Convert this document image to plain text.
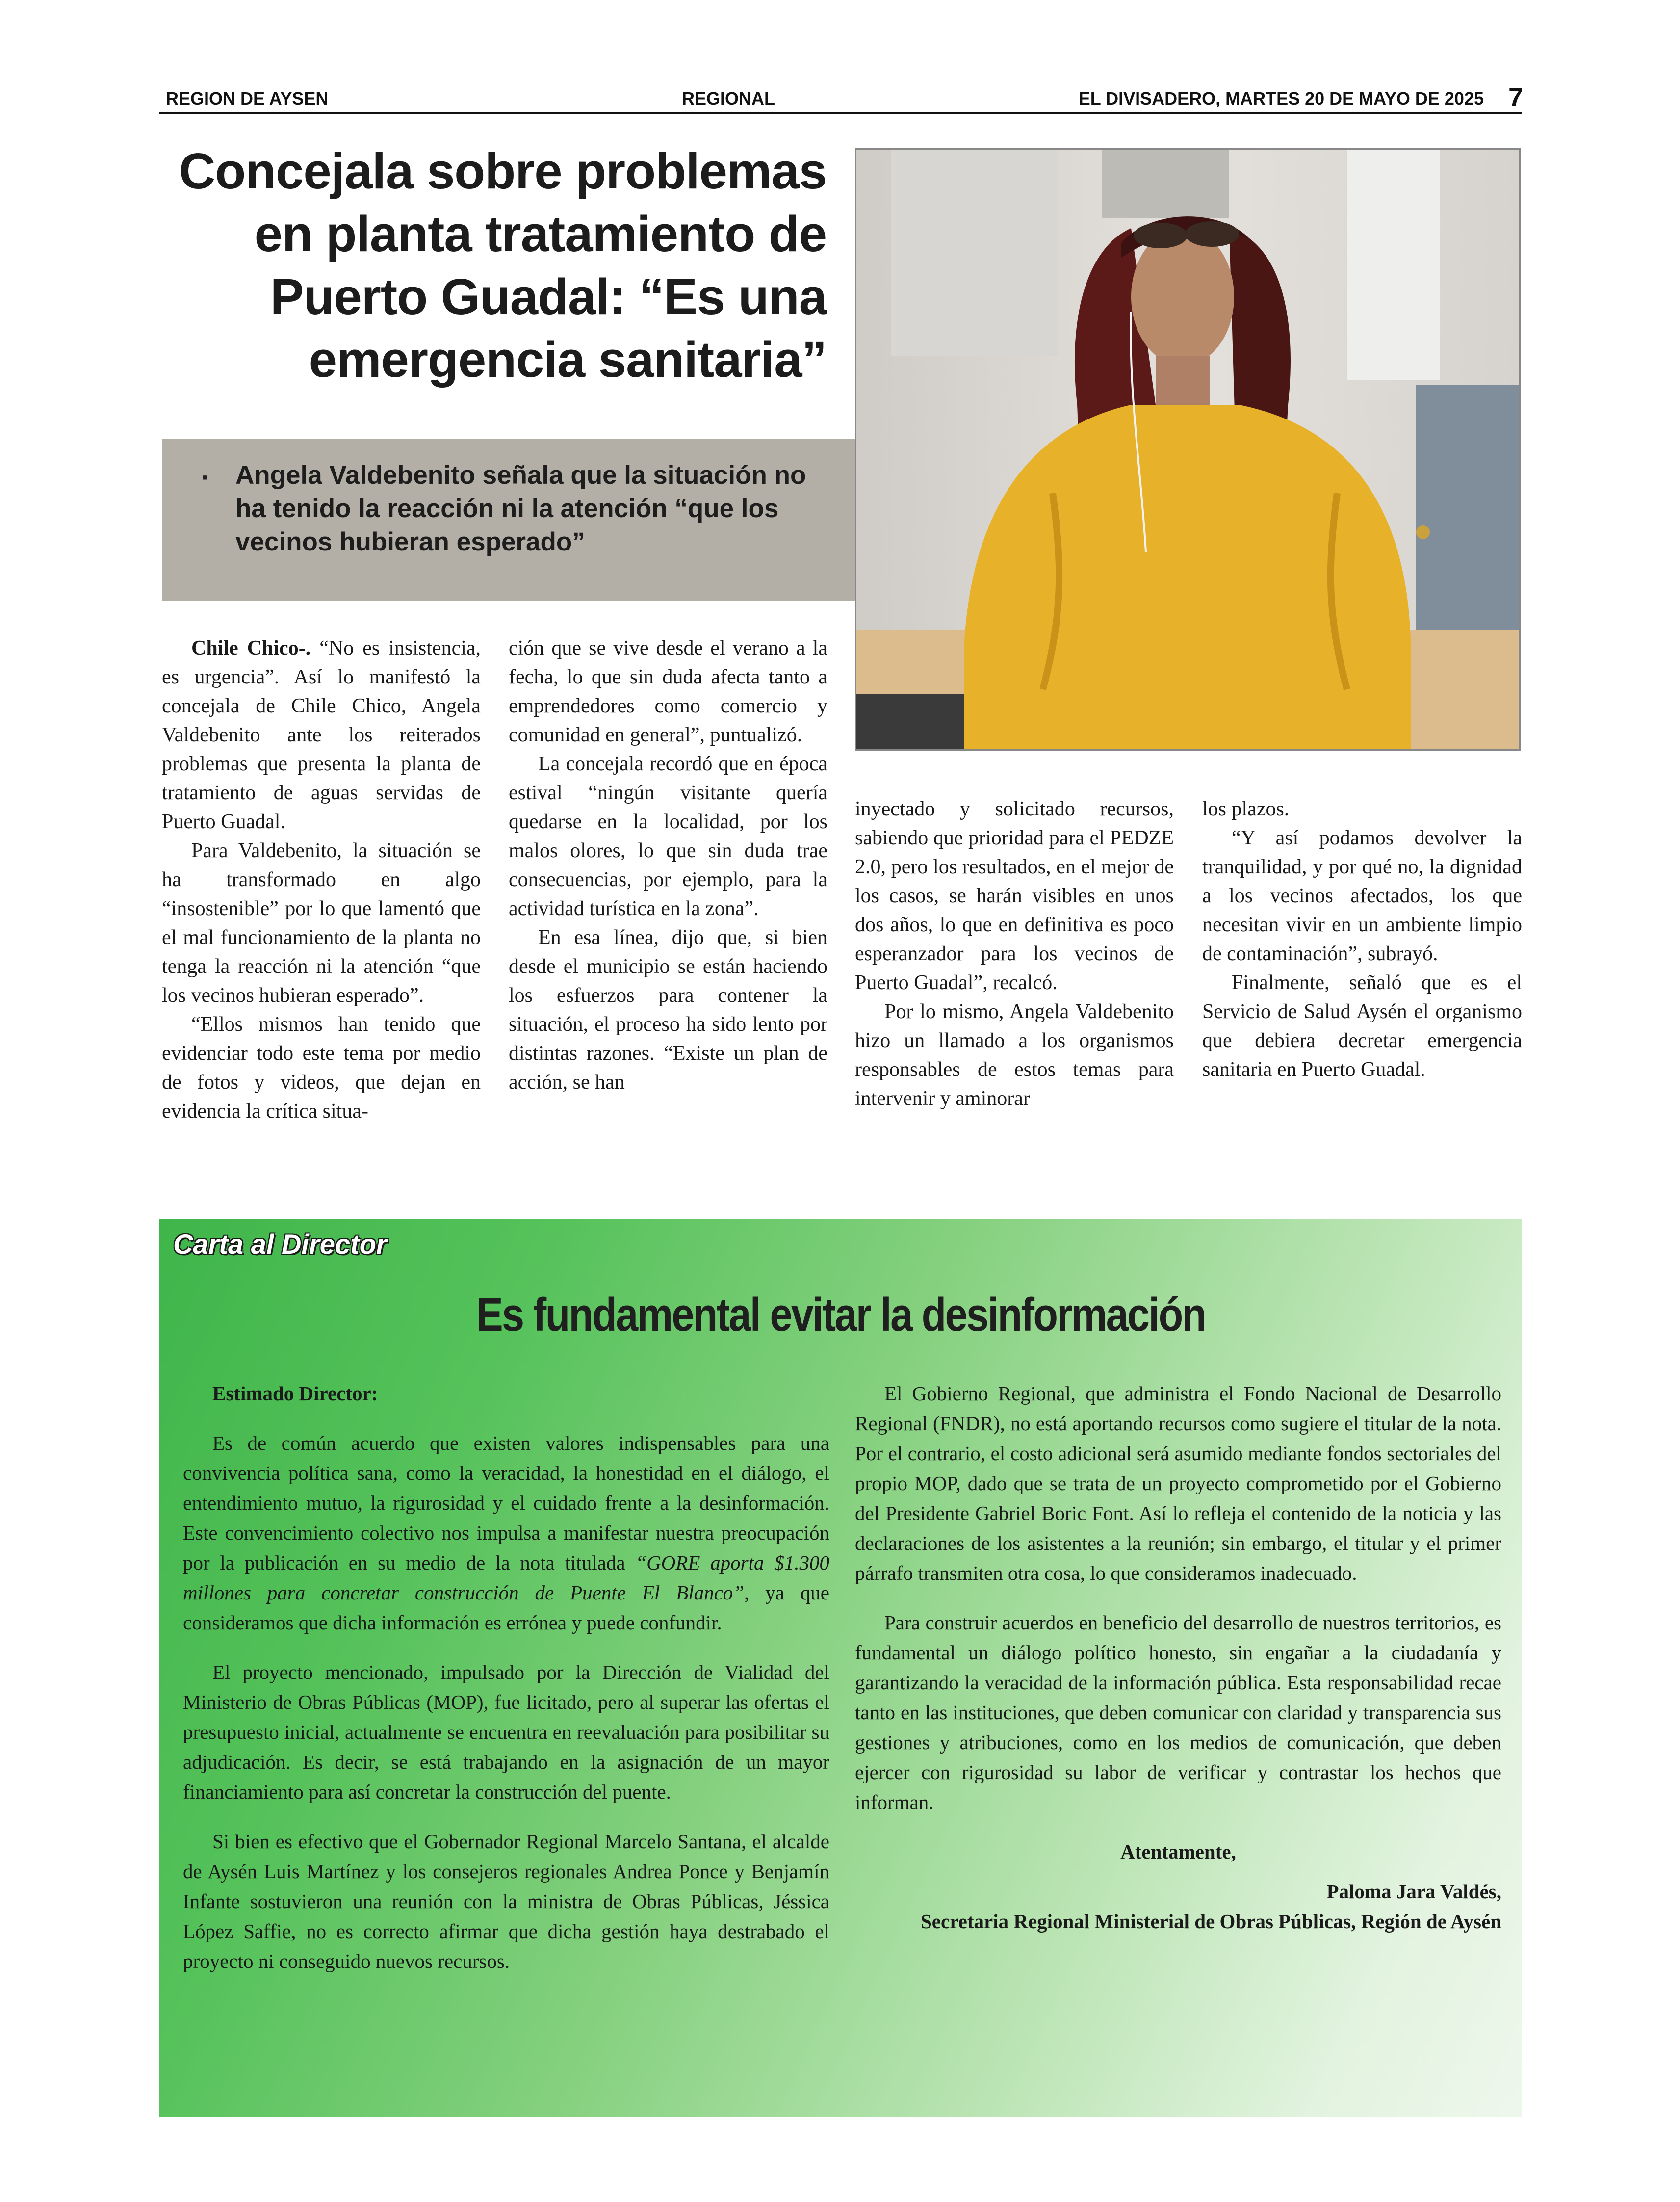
REGION DE AYSEN	REGIONAL	EL DIVISADERO, MARTES 20 DE MAYO DE 2025 7
Concejala sobre problemas
en planta tratamiento de
Puerto Guadal: “Es una
emergencia sanitaria”
· Angela Valdebenito señala que la situación no ha tenido la reacción ni la atención “que los vecinos hubieran esperado”

Chile Chico-. “No es insistencia, es urgencia”. Así lo manifestó la concejala de Chile Chico, Angela Valdebenito ante los reiterados problemas que presenta la planta de tratamiento de aguas servidas de Puerto Guadal.

Para Valdebenito, la situación se ha transformado en algo “insostenible” por lo que lamentó que el mal funcionamiento de la planta no tenga la reacción ni la atención “que los vecinos hubieran esperado”.

“Ellos mismos han tenido que evidenciar todo este tema por medio de fotos y videos, que dejan en evidencia la crítica situa-

ción que se vive desde el verano a la fecha, lo que sin duda afecta tanto a emprendedores como comercio y comunidad en general”, puntualizó.

La concejala recordó que en época estival “ningún visitante quería quedarse en la localidad, por los malos olores, lo que sin duda trae consecuencias, por ejemplo, para la actividad turística en la zona”.

En esa línea, dijo que, si bien desde el municipio se están haciendo los esfuerzos para contener la situación, el proceso ha sido lento por distintas razones. “Existe un plan de acción, se han

inyectado y solicitado recursos, sabiendo que prioridad para el PEDZE 2.0, pero los resultados, en el mejor de los casos, se harán visibles en unos dos años, lo que en definitiva es poco esperanzador para los vecinos de Puerto Guadal”, recalcó.

Por lo mismo, Angela Valdebenito hizo un llamado a los organismos responsables de estos temas para intervenir y aminorar

los plazos.

“Y así podamos devolver la tranquilidad, y por qué no, la dignidad a los vecinos afectados, los que necesitan vivir en un ambiente limpio de contaminación”, subrayó.

Finalmente, señaló que es el Servicio de Salud Aysén el organismo que debiera decretar emergencia sanitaria en Puerto Guadal.

Carta al Director
Es fundamental evitar la desinformación
Estimado Director:

Es de común acuerdo que existen valores indispensables para una convivencia política sana, como la veracidad, la honestidad en el diálogo, el entendimiento mutuo, la rigurosidad y el cuidado frente a la desinformación. Este convencimiento colectivo nos impulsa a manifestar nuestra preocupación por la publicación en su medio de la nota titulada “GORE aporta $1.300 millones para concretar construcción de Puente El Blanco”, ya que consideramos que dicha información es errónea y puede confundir.

El proyecto mencionado, impulsado por la Dirección de Vialidad del Ministerio de Obras Públicas (MOP), fue licitado, pero al superar las ofertas el presupuesto inicial, actualmente se encuentra en reevaluación para posibilitar su adjudicación. Es decir, se está trabajando en la asignación de un mayor financiamiento para así concretar la construcción del puente.

Si bien es efectivo que el Gobernador Regional Marcelo Santana, el alcalde de Aysén Luis Martínez y los consejeros regionales Andrea Ponce y Benjamín Infante sostuvieron una reunión con la ministra de Obras Públicas, Jéssica López Saffie, no es correcto afirmar que dicha gestión haya destrabado el proyecto ni conseguido nuevos recursos.

El Gobierno Regional, que administra el Fondo Nacional de Desarrollo Regional (FNDR), no está aportando recursos como sugiere el titular de la nota. Por el contrario, el costo adicional será asumido mediante fondos sectoriales del propio MOP, dado que se trata de un proyecto comprometido por el Gobierno del Presidente Gabriel Boric Font. Así lo refleja el contenido de la noticia y las declaraciones de los asistentes a la reunión; sin embargo, el titular y el primer párrafo transmiten otra cosa, lo que consideramos inadecuado.

Para construir acuerdos en beneficio del desarrollo de nuestros territorios, es fundamental un diálogo político honesto, sin engañar a la ciudadanía y garantizando la veracidad de la información pública. Esta responsabilidad recae tanto en las instituciones, que deben comunicar con claridad y transparencia sus gestiones y atribuciones, como en los medios de comunicación, que deben ejercer con rigurosidad su labor de verificar y contrastar los hechos que informan.

Atentamente,
Paloma Jara Valdés,
Secretaria Regional Ministerial de Obras Públicas, Región de Aysén
